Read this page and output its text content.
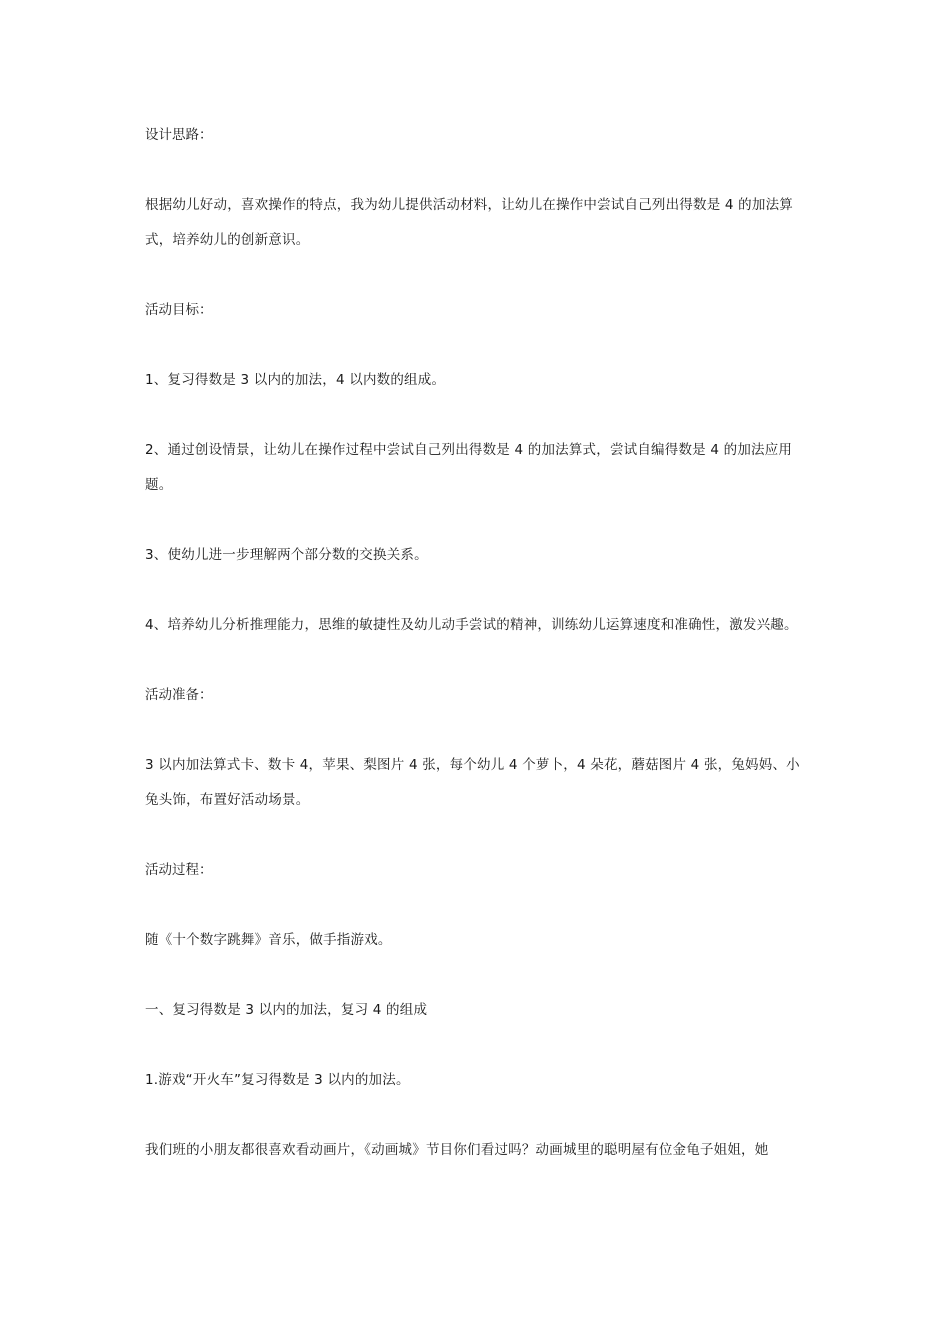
设计思路：

根据幼儿好动，喜欢操作的特点，我为幼儿提供活动材料，让幼儿在操作中尝试自己列出得数是 4 的加法算式，培养幼儿的创新意识。

活动目标：

1、复习得数是 3 以内的加法，4 以内数的组成。

2、通过创设情景，让幼儿在操作过程中尝试自己列出得数是 4 的加法算式，尝试自编得数是 4 的加法应用题。

3、使幼儿进一步理解两个部分数的交换关系。

4、培养幼儿分析推理能力，思维的敏捷性及幼儿动手尝试的精神，训练幼儿运算速度和准确性，激发兴趣。

活动准备：

3 以内加法算式卡、数卡 4，苹果、梨图片 4 张，每个幼儿 4 个萝卜，4 朵花，蘑菇图片 4 张，兔妈妈、小兔头饰，布置好活动场景。

活动过程：

随《十个数字跳舞》音乐，做手指游戏。

一、复习得数是 3 以内的加法，复习 4 的组成

1.游戏“开火车”复习得数是 3 以内的加法。

我们班的小朋友都很喜欢看动画片，《动画城》节目你们看过吗？动画城里的聪明屋有位金龟子姐姐，她
